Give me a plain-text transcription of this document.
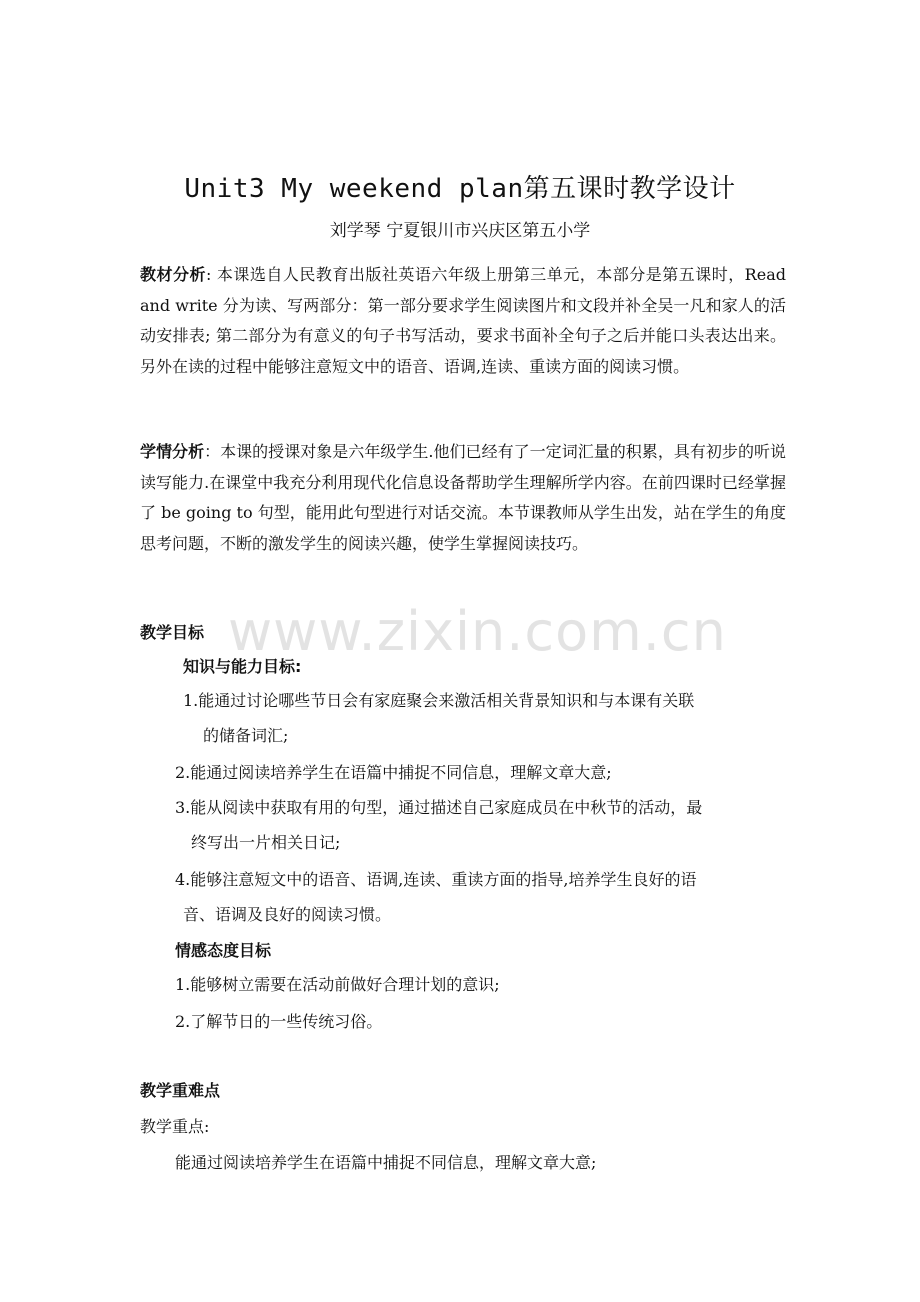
www.zixin.com.cn
Unit3 My weekend plan第五课时教学设计
刘学琴 宁夏银川市兴庆区第五小学
教材分析: 本课选自人民教育出版社英语六年级上册第三单元，本部分是第五课时，Read and write 分为读、写两部分：第一部分要求学生阅读图片和文段并补全吴一凡和家人的活动安排表; 第二部分为有意义的句子书写活动，要求书面补全句子之后并能口头表达出来。另外在读的过程中能够注意短文中的语音、语调,连读、重读方面的阅读习惯。
学情分析：本课的授课对象是六年级学生.他们已经有了一定词汇量的积累，具有初步的听说读写能力.在课堂中我充分利用现代化信息设备帮助学生理解所学内容。在前四课时已经掌握了 be going to 句型，能用此句型进行对话交流。本节课教师从学生出发，站在学生的角度思考问题，不断的激发学生的阅读兴趣，使学生掌握阅读技巧。
教学目标
知识与能力目标:
1.能通过讨论哪些节日会有家庭聚会来激活相关背景知识和与本课有关联
的储备词汇;
2.能通过阅读培养学生在语篇中捕捉不同信息，理解文章大意;
3.能从阅读中获取有用的句型，通过描述自己家庭成员在中秋节的活动，最
终写出一片相关日记;
4.能够注意短文中的语音、语调,连读、重读方面的指导,培养学生良好的语
音、语调及良好的阅读习惯。
情感态度目标
1.能够树立需要在活动前做好合理计划的意识;
2.了解节日的一些传统习俗。
教学重难点
教学重点:
能通过阅读培养学生在语篇中捕捉不同信息，理解文章大意;
